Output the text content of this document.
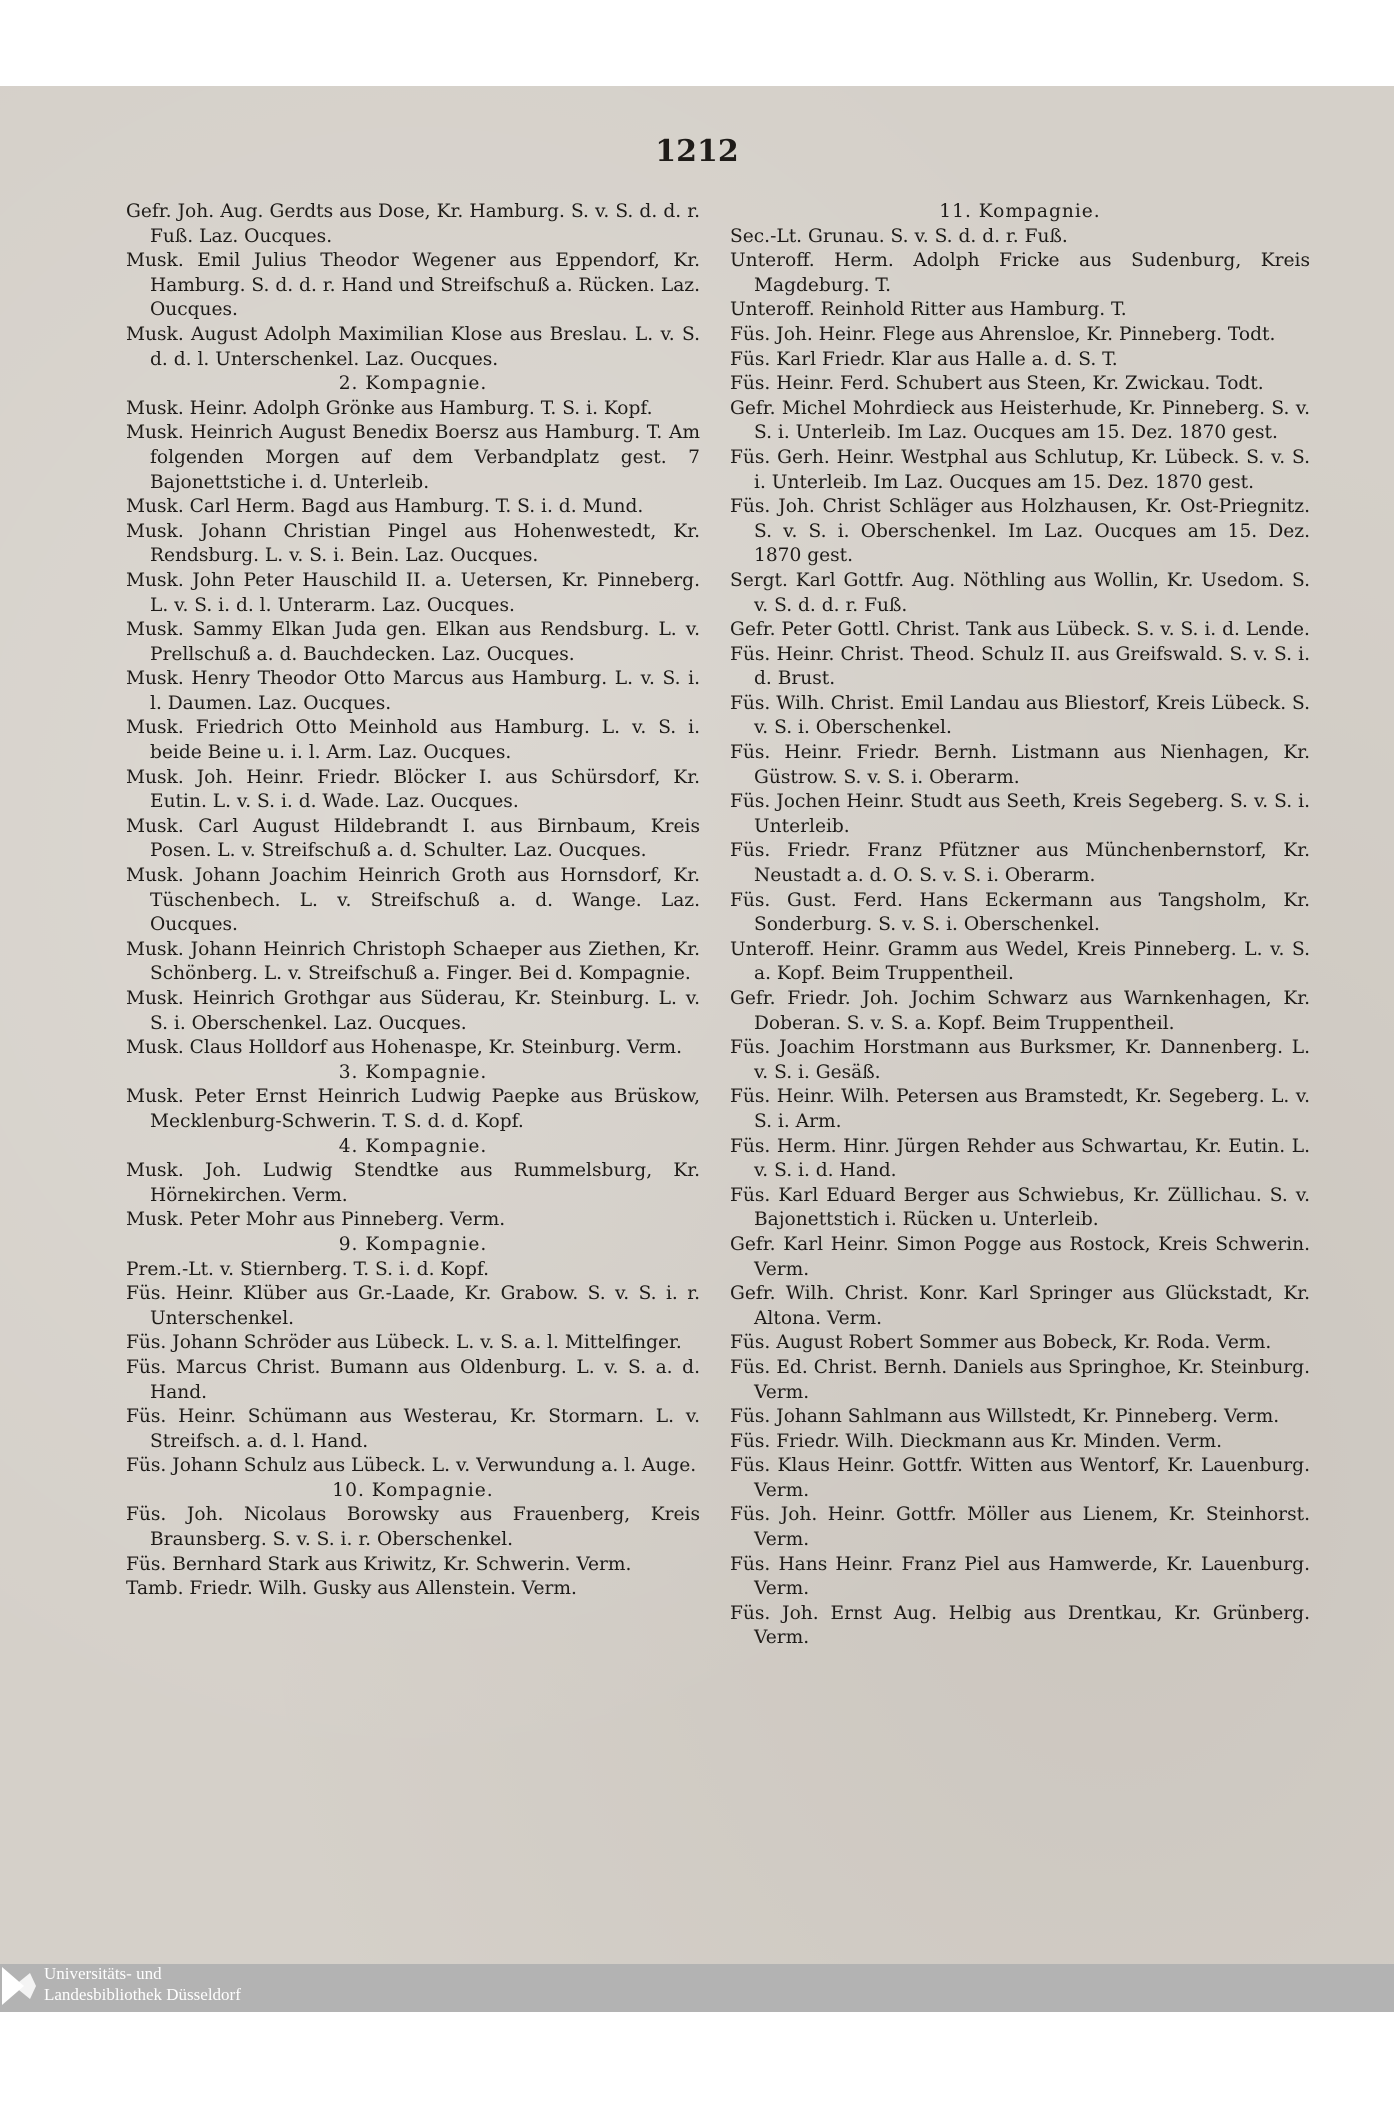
1212
Gefr. Joh. Aug. Gerdts aus Dose, Kr. Hamburg. S. v. S. d. d. r. Fuß. Laz. Oucques.
Musk. Emil Julius Theodor Wegener aus Eppendorf, Kr. Hamburg. S. d. d. r. Hand und Streifschuß a. Rücken. Laz. Oucques.
Musk. August Adolph Maximilian Klose aus Breslau. L. v. S. d. d. l. Unterschenkel. Laz. Oucques.
2. Kompagnie.
Musk. Heinr. Adolph Grönke aus Hamburg. T. S. i. Kopf.
Musk. Heinrich August Benedix Boersz aus Hamburg. T. Am folgenden Morgen auf dem Verbandplatz gest. 7 Bajonettstiche i. d. Unterleib.
Musk. Carl Herm. Bagd aus Hamburg. T. S. i. d. Mund.
Musk. Johann Christian Pingel aus Hohenwestedt, Kr. Rendsburg. L. v. S. i. Bein. Laz. Oucques.
Musk. John Peter Hauschild II. a. Uetersen, Kr. Pinneberg. L. v. S. i. d. l. Unterarm. Laz. Oucques.
Musk. Sammy Elkan Juda gen. Elkan aus Rendsburg. L. v. Prellschuß a. d. Bauchdecken. Laz. Oucques.
Musk. Henry Theodor Otto Marcus aus Hamburg. L. v. S. i. l. Daumen. Laz. Oucques.
Musk. Friedrich Otto Meinhold aus Hamburg. L. v. S. i. beide Beine u. i. l. Arm. Laz. Oucques.
Musk. Joh. Heinr. Friedr. Blöcker I. aus Schürsdorf, Kr. Eutin. L. v. S. i. d. Wade. Laz. Oucques.
Musk. Carl August Hildebrandt I. aus Birnbaum, Kreis Posen. L. v. Streifschuß a. d. Schulter. Laz. Oucques.
Musk. Johann Joachim Heinrich Groth aus Hornsdorf, Kr. Tüschenbech. L. v. Streifschuß a. d. Wange. Laz. Oucques.
Musk. Johann Heinrich Christoph Schaeper aus Ziethen, Kr. Schönberg. L. v. Streifschuß a. Finger. Bei d. Kompagnie.
Musk. Heinrich Grothgar aus Süderau, Kr. Steinburg. L. v. S. i. Oberschenkel. Laz. Oucques.
Musk. Claus Holldorf aus Hohenaspe, Kr. Steinburg. Verm.
3. Kompagnie.
Musk. Peter Ernst Heinrich Ludwig Paepke aus Brüskow, Mecklenburg-Schwerin. T. S. d. d. Kopf.
4. Kompagnie.
Musk. Joh. Ludwig Stendtke aus Rummelsburg, Kr. Hörnekirchen. Verm.
Musk. Peter Mohr aus Pinneberg. Verm.
9. Kompagnie.
Prem.-Lt. v. Stiernberg. T. S. i. d. Kopf.
Füs. Heinr. Klüber aus Gr.-Laade, Kr. Grabow. S. v. S. i. r. Unterschenkel.
Füs. Johann Schröder aus Lübeck. L. v. S. a. l. Mittelfinger.
Füs. Marcus Christ. Bumann aus Oldenburg. L. v. S. a. d. Hand.
Füs. Heinr. Schümann aus Westerau, Kr. Stormarn. L. v. Streifsch. a. d. l. Hand.
Füs. Johann Schulz aus Lübeck. L. v. Verwundung a. l. Auge.
10. Kompagnie.
Füs. Joh. Nicolaus Borowsky aus Frauenberg, Kreis Braunsberg. S. v. S. i. r. Oberschenkel.
Füs. Bernhard Stark aus Kriwitz, Kr. Schwerin. Verm.
Tamb. Friedr. Wilh. Gusky aus Allenstein. Verm.
11. Kompagnie.
Sec.-Lt. Grunau. S. v. S. d. d. r. Fuß.
Unteroff. Herm. Adolph Fricke aus Sudenburg, Kreis Magdeburg. T.
Unteroff. Reinhold Ritter aus Hamburg. T.
Füs. Joh. Heinr. Flege aus Ahrensloe, Kr. Pinneberg. Todt.
Füs. Karl Friedr. Klar aus Halle a. d. S. T.
Füs. Heinr. Ferd. Schubert aus Steen, Kr. Zwickau. Todt.
Gefr. Michel Mohrdieck aus Heisterhude, Kr. Pinneberg. S. v. S. i. Unterleib. Im Laz. Oucques am 15. Dez. 1870 gest.
Füs. Gerh. Heinr. Westphal aus Schlutup, Kr. Lübeck. S. v. S. i. Unterleib. Im Laz. Oucques am 15. Dez. 1870 gest.
Füs. Joh. Christ Schläger aus Holzhausen, Kr. Ost-Priegnitz. S. v. S. i. Oberschenkel. Im Laz. Oucques am 15. Dez. 1870 gest.
Sergt. Karl Gottfr. Aug. Nöthling aus Wollin, Kr. Usedom. S. v. S. d. d. r. Fuß.
Gefr. Peter Gottl. Christ. Tank aus Lübeck. S. v. S. i. d. Lende.
Füs. Heinr. Christ. Theod. Schulz II. aus Greifswald. S. v. S. i. d. Brust.
Füs. Wilh. Christ. Emil Landau aus Bliestorf, Kreis Lübeck. S. v. S. i. Oberschenkel.
Füs. Heinr. Friedr. Bernh. Listmann aus Nienhagen, Kr. Güstrow. S. v. S. i. Oberarm.
Füs. Jochen Heinr. Studt aus Seeth, Kreis Segeberg. S. v. S. i. Unterleib.
Füs. Friedr. Franz Pfützner aus Münchenbernstorf, Kr. Neustadt a. d. O. S. v. S. i. Oberarm.
Füs. Gust. Ferd. Hans Eckermann aus Tangsholm, Kr. Sonderburg. S. v. S. i. Oberschenkel.
Unteroff. Heinr. Gramm aus Wedel, Kreis Pinneberg. L. v. S. a. Kopf. Beim Truppentheil.
Gefr. Friedr. Joh. Jochim Schwarz aus Warnkenhagen, Kr. Doberan. S. v. S. a. Kopf. Beim Truppentheil.
Füs. Joachim Horstmann aus Burksmer, Kr. Dannenberg. L. v. S. i. Gesäß.
Füs. Heinr. Wilh. Petersen aus Bramstedt, Kr. Segeberg. L. v. S. i. Arm.
Füs. Herm. Hinr. Jürgen Rehder aus Schwartau, Kr. Eutin. L. v. S. i. d. Hand.
Füs. Karl Eduard Berger aus Schwiebus, Kr. Züllichau. S. v. Bajonettstich i. Rücken u. Unterleib.
Gefr. Karl Heinr. Simon Pogge aus Rostock, Kreis Schwerin. Verm.
Gefr. Wilh. Christ. Konr. Karl Springer aus Glückstadt, Kr. Altona. Verm.
Füs. August Robert Sommer aus Bobeck, Kr. Roda. Verm.
Füs. Ed. Christ. Bernh. Daniels aus Springhoe, Kr. Steinburg. Verm.
Füs. Johann Sahlmann aus Willstedt, Kr. Pinneberg. Verm.
Füs. Friedr. Wilh. Dieckmann aus Kr. Minden. Verm.
Füs. Klaus Heinr. Gottfr. Witten aus Wentorf, Kr. Lauenburg. Verm.
Füs. Joh. Heinr. Gottfr. Möller aus Lienem, Kr. Steinhorst. Verm.
Füs. Hans Heinr. Franz Piel aus Hamwerde, Kr. Lauenburg. Verm.
Füs. Joh. Ernst Aug. Helbig aus Drentkau, Kr. Grünberg. Verm.
Universitäts- und
Landesbibliothek Düsseldorf
